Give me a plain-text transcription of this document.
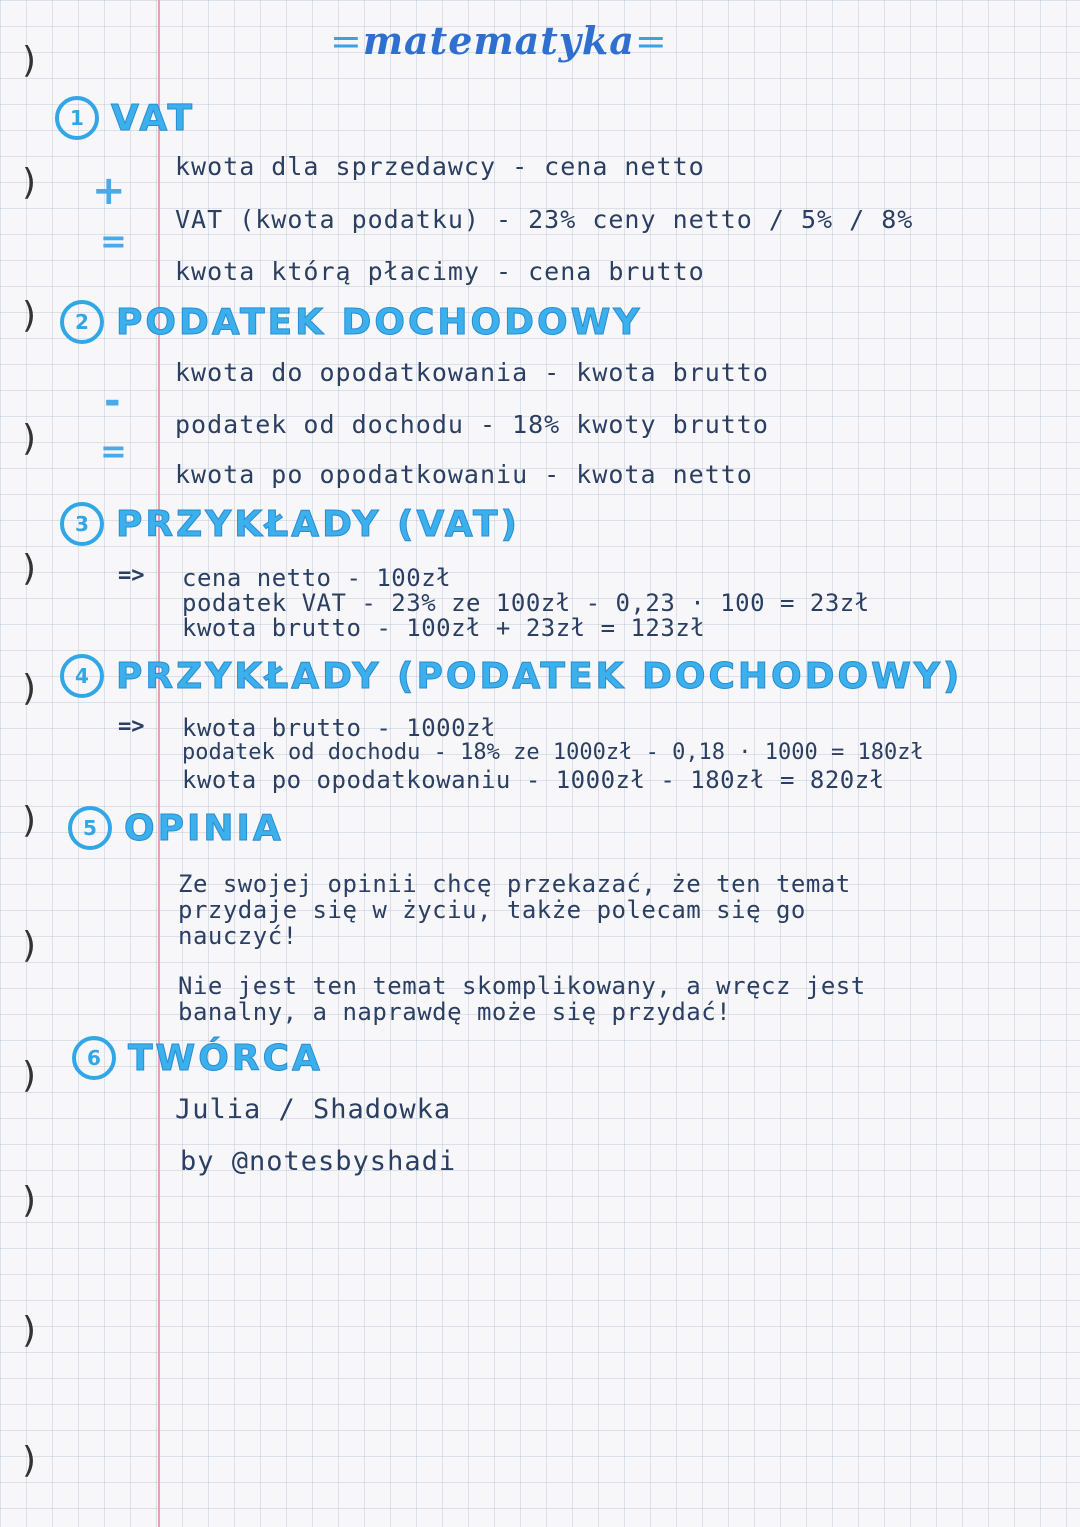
)
)
)
)
)
)
)
)
)
)
)
)
=matematyka=
1 VAT
+
=
kwota dla sprzedawcy - cena netto
VAT (kwota podatku) - 23% ceny netto / 5% / 8%
kwota którą płacimy - cena brutto
2 PODATEK DOCHODOWY
-
=
kwota do opodatkowania - kwota brutto
podatek od dochodu - 18% kwoty brutto
kwota po opodatkowaniu - kwota netto
3 PRZYKŁADY (VAT)
=> cena netto - 100zł
podatek VAT - 23% ze 100zł - 0,23 · 100 = 23zł
kwota brutto - 100zł + 23zł = 123zł
4 PRZYKŁADY (PODATEK DOCHODOWY)
=> kwota brutto - 1000zł
podatek od dochodu - 18% ze 1000zł - 0,18 · 1000 = 180zł
kwota po opodatkowaniu - 1000zł - 180zł = 820zł
5 OPINIA
Ze swojej opinii chcę przekazać, że ten temat
przydaje się w życiu, także polecam się go
nauczyć!
Nie jest ten temat skomplikowany, a wręcz jest
banalny, a naprawdę może się przydać!
6 TWÓRCA
Julia / Shadowka
by @notesbyshadi
